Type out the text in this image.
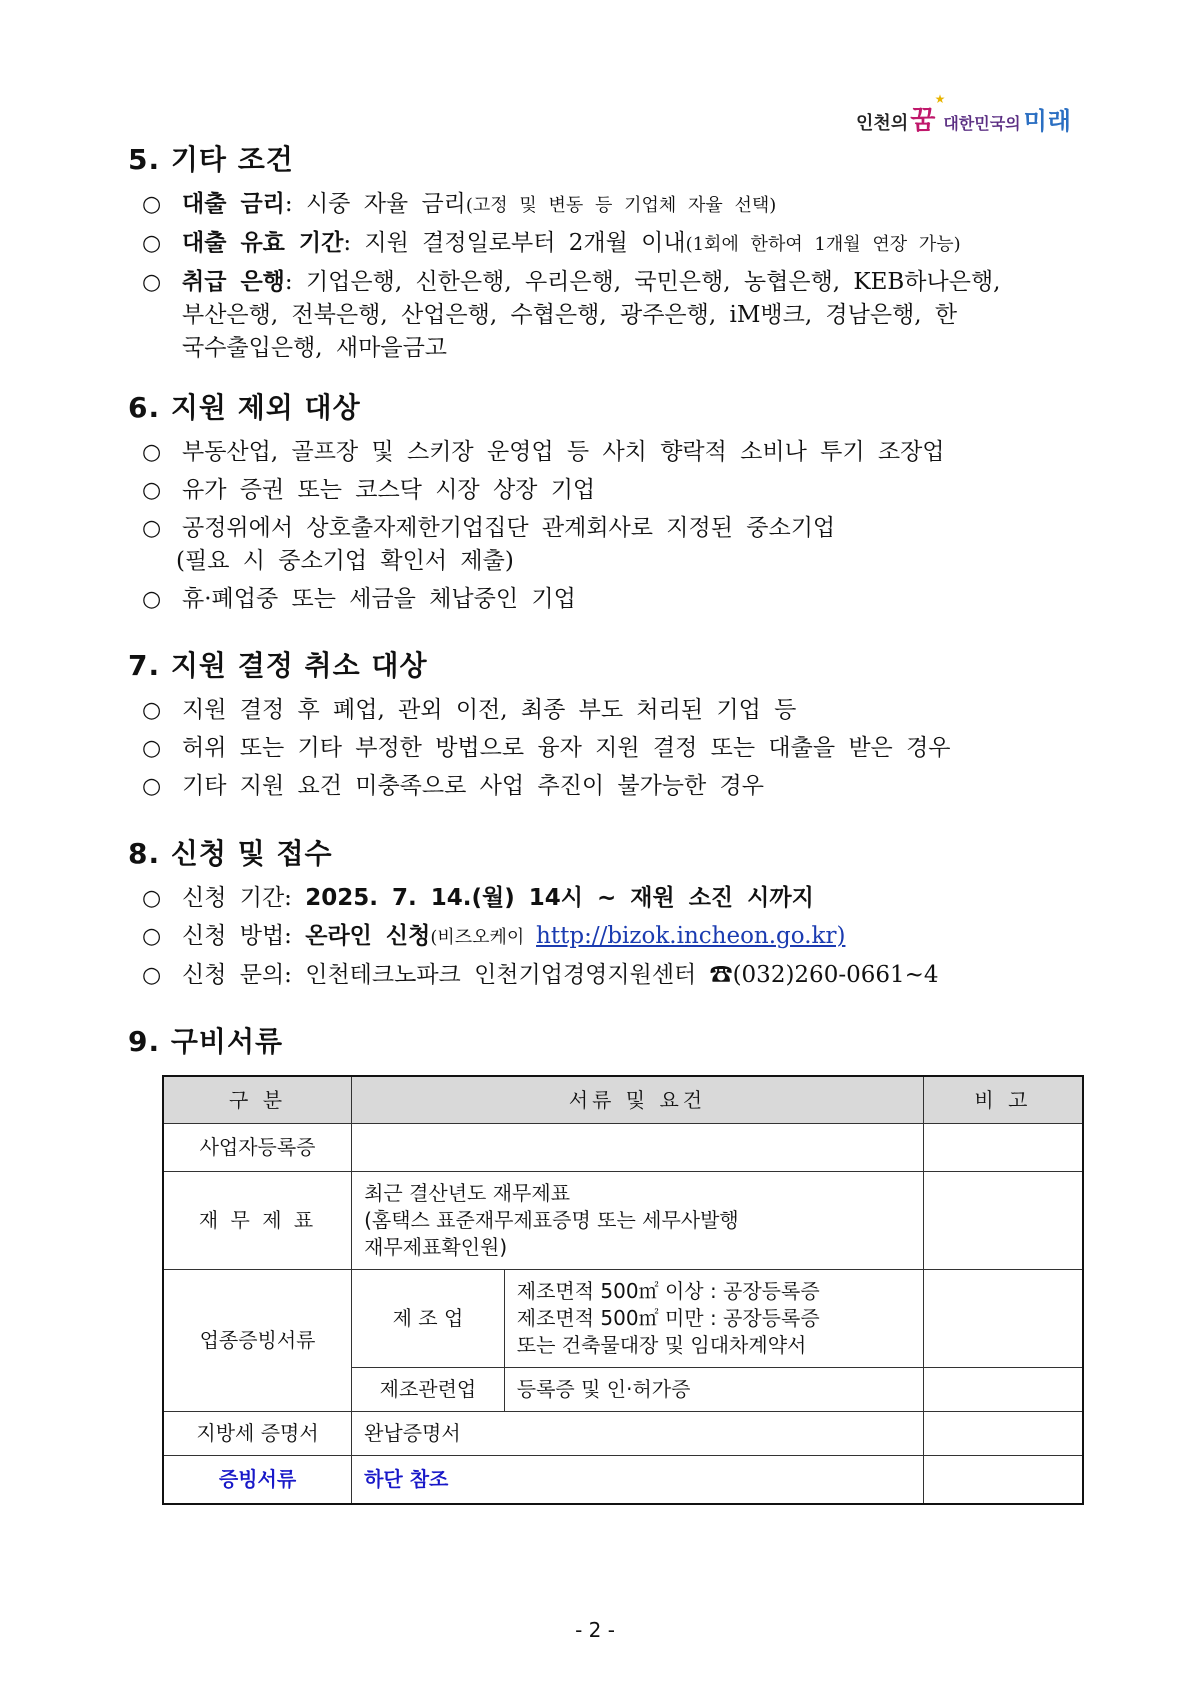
인천의 꿈
★
대한민국의 미래
5. 기타 조건
○ 대출 금리: 시중 자율 금리(고정 및 변동 등 기업체 자율 선택)
○ 대출 유효 기간: 지원 결정일로부터 2개월 이내(1회에 한하여 1개월 연장 가능)
○ 취급 은행: 기업은행, 신한은행, 우리은행, 국민은행, 농협은행, KEB하나은행,
부산은행, 전북은행, 산업은행, 수협은행, 광주은행, iM뱅크, 경남은행, 한
국수출입은행, 새마을금고
6. 지원 제외 대상
○ 부동산업, 골프장 및 스키장 운영업 등 사치 향락적 소비나 투기 조장업
○ 유가 증권 또는 코스닥 시장 상장 기업
○ 공정위에서 상호출자제한기업집단 관계회사로 지정된 중소기업
(필요 시 중소기업 확인서 제출)
○ 휴·폐업중 또는 세금을 체납중인 기업
7. 지원 결정 취소 대상
○ 지원 결정 후 폐업, 관외 이전, 최종 부도 처리된 기업 등
○ 허위 또는 기타 부정한 방법으로 융자 지원 결정 또는 대출을 받은 경우
○ 기타 지원 요건 미충족으로 사업 추진이 불가능한 경우
8. 신청 및 접수
○ 신청 기간: 2025. 7. 14.(월) 14시 ~ 재원 소진 시까지
○ 신청 방법: 온라인 신청(비즈오케이 http://bizok.incheon.go.kr)
○ 신청 문의: 인천테크노파크 인천기업경영지원센터 ☎(032)260-0661~4
9. 구비서류
구 분	서류 및 요건		비 고
사업자등록증			
재 무 제 표	최근 결산년도 재무제표
(홈택스 표준재무제표증명 또는 세무사발행
재무제표확인원)		

업종증빙서류	제 조 업	제조면적 500㎡ 이상 : 공장등록증
제조면적 500㎡ 미만 : 공장등록증
또는 건축물대장 및 임대차계약서	

	제조관련업	등록증 및 인·허가증	
지방세 증명서	완납증명서		
증빙서류	하단 참조		
- 2 -
